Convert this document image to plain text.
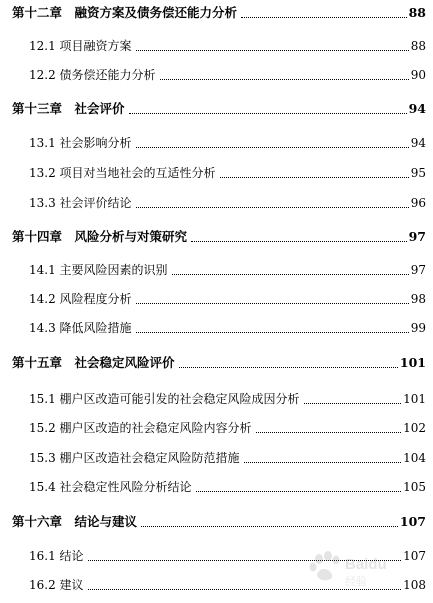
第十二章　融资方案及债务偿还能力分析	88
12.1 项目融资方案	88
12.2 债务偿还能力分析	90
第十三章　社会评价	94
13.1 社会影响分析	94
13.2 项目对当地社会的互适性分析	95
13.3 社会评价结论	96
第十四章　风险分析与对策研究	97
14.1 主要风险因素的识别	97
14.2 风险程度分析	98
14.3 降低风险措施	99
第十五章　社会稳定风险评价	101
15.1 棚户区改造可能引发的社会稳定风险成因分析	101
15.2 棚户区改造的社会稳定风险内容分析	102
15.3 棚户区改造社会稳定风险防范措施	104
15.4 社会稳定性风险分析结论	105
第十六章　结论与建议	107
16.1 结论	107
16.2 建议	108
Baidu
经验
